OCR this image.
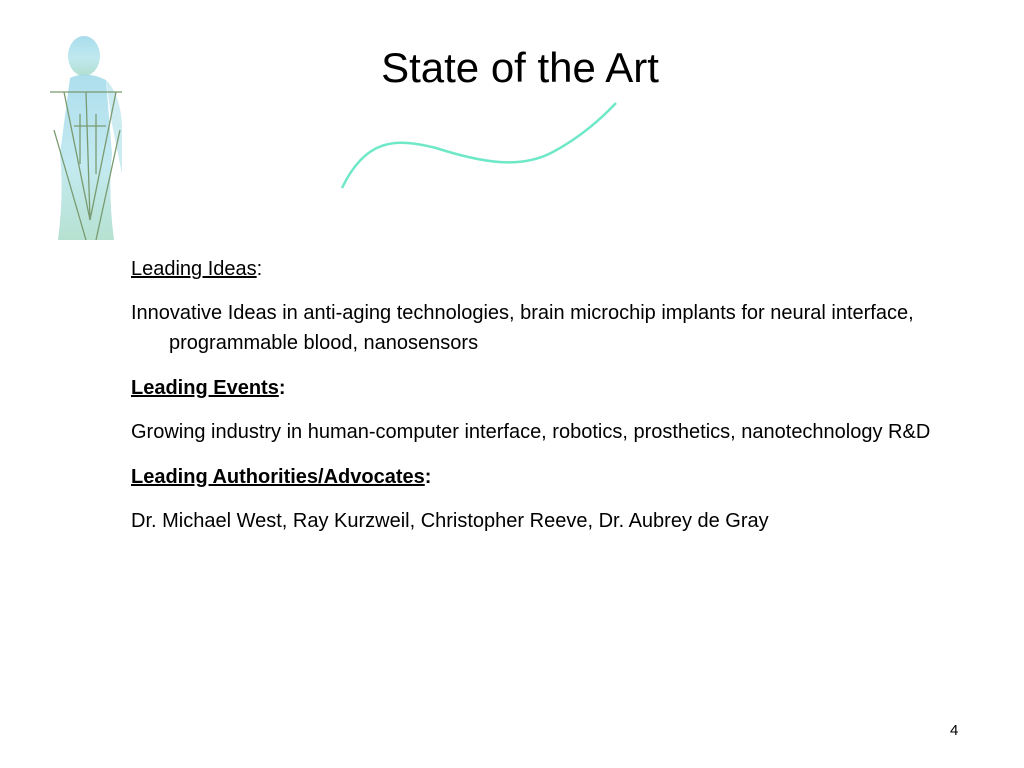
State of the Art
Leading Ideas:
Innovative Ideas in anti-aging technologies, brain microchip implants for neural interface, programmable blood, nanosensors
Leading Events:
Growing industry in human-computer interface, robotics, prosthetics, nanotechnology R&D
Leading Authorities/Advocates:
Dr. Michael West, Ray Kurzweil, Christopher Reeve, Dr. Aubrey de Gray
4
